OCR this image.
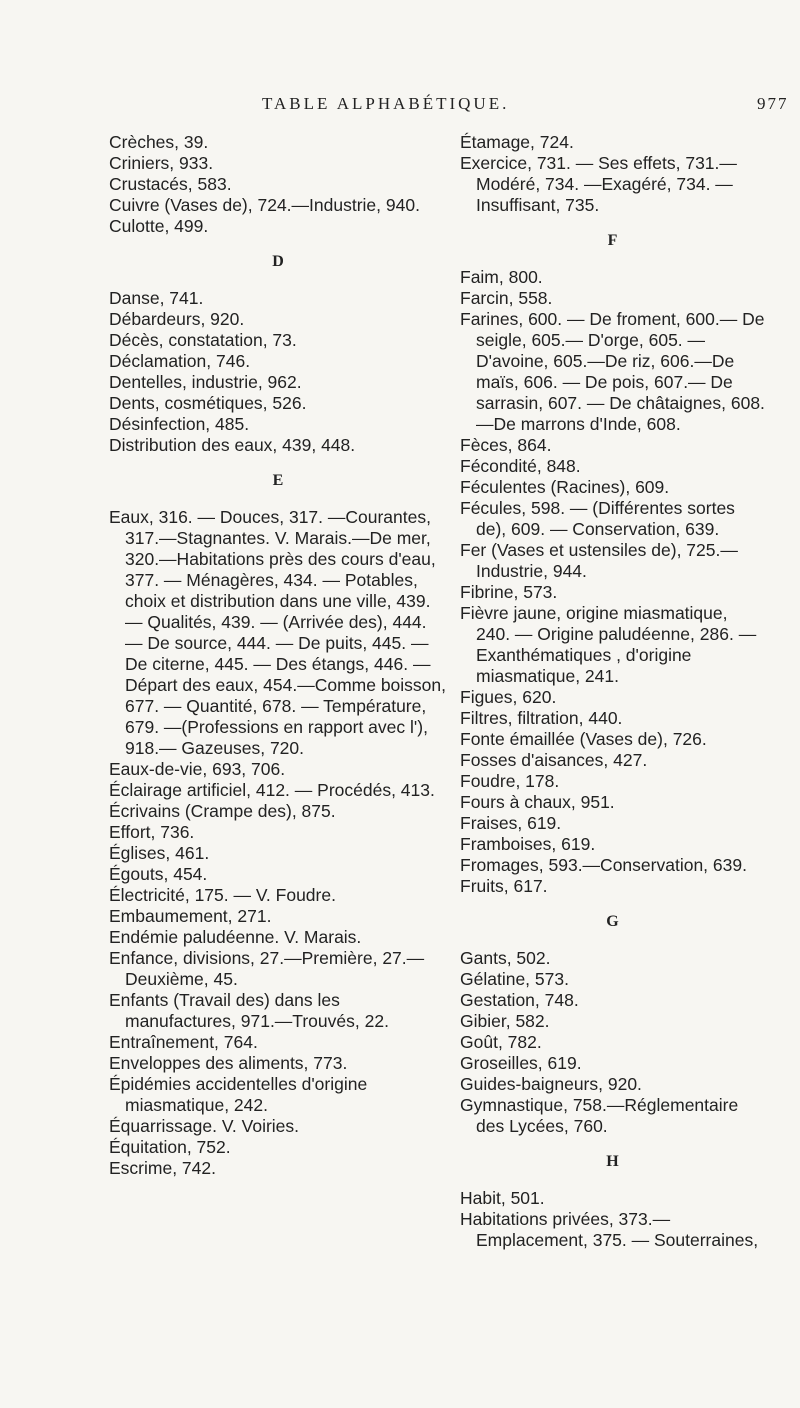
TABLE ALPHABÉTIQUE.	977
Crèches, 39.
Criniers, 933.
Crustacés, 583.
Cuivre (Vases de), 724.—Industrie, 940.
Culotte, 499.
D
Danse, 741.
Débardeurs, 920.
Décès, constatation, 73.
Déclamation, 746.
Dentelles, industrie, 962.
Dents, cosmétiques, 526.
Désinfection, 485.
Distribution des eaux, 439, 448.
E
Eaux, 316. — Douces, 317. —Courantes, 317.—Stagnantes. V. Marais.—De mer, 320.—Habitations près des cours d'eau, 377. — Ménagères, 434. — Potables, choix et distribution dans une ville, 439. — Qualités, 439. — (Arrivée des), 444. — De source, 444. — De puits, 445. — De citerne, 445. — Des étangs, 446. — Départ des eaux, 454.—Comme boisson, 677. — Quantité, 678. — Température, 679. —(Professions en rapport avec l'), 918.— Gazeuses, 720.
Eaux-de-vie, 693, 706.
Éclairage artificiel, 412. — Procédés, 413.
Écrivains (Crampe des), 875.
Effort, 736.
Églises, 461.
Égouts, 454.
Électricité, 175. — V. Foudre.
Embaumement, 271.
Endémie paludéenne. V. Marais.
Enfance, divisions, 27.—Première, 27.—Deuxième, 45.
Enfants (Travail des) dans les manufactures, 971.—Trouvés, 22.
Entraînement, 764.
Enveloppes des aliments, 773.
Épidémies accidentelles d'origine miasmatique, 242.
Équarrissage. V. Voiries.
Équitation, 752.
Escrime, 742.
Étamage, 724.
Exercice, 731. — Ses effets, 731.— Modéré, 734. —Exagéré, 734. — Insuffisant, 735.
F
Faim, 800.
Farcin, 558.
Farines, 600. — De froment, 600.— De seigle, 605.— D'orge, 605. — D'avoine, 605.—De riz, 606.—De maïs, 606. — De pois, 607.— De sarrasin, 607. — De châtaignes, 608.—De marrons d'Inde, 608.
Fèces, 864.
Fécondité, 848.
Féculentes (Racines), 609.
Fécules, 598. — (Différentes sortes de), 609. — Conservation, 639.
Fer (Vases et ustensiles de), 725.— Industrie, 944.
Fibrine, 573.
Fièvre jaune, origine miasmatique, 240. — Origine paludéenne, 286. — Exanthématiques , d'origine miasmatique, 241.
Figues, 620.
Filtres, filtration, 440.
Fonte émaillée (Vases de), 726.
Fosses d'aisances, 427.
Foudre, 178.
Fours à chaux, 951.
Fraises, 619.
Framboises, 619.
Fromages, 593.—Conservation, 639.
Fruits, 617.
G
Gants, 502.
Gélatine, 573.
Gestation, 748.
Gibier, 582.
Goût, 782.
Groseilles, 619.
Guides-baigneurs, 920.
Gymnastique, 758.—Réglementaire des Lycées, 760.
H
Habit, 501.
Habitations privées, 373.—Emplacement, 375. — Souterraines,
